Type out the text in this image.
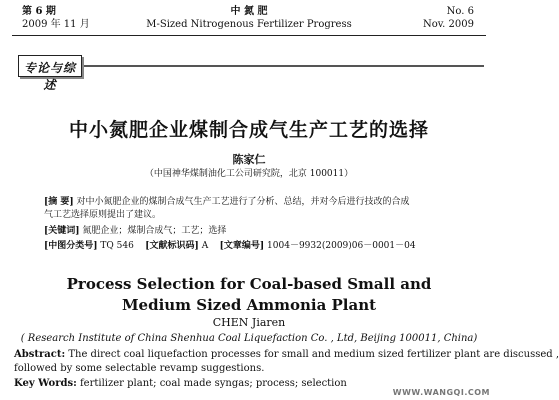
第 6 期
2009 年 11 月
中 氮 肥
M-Sized Nitrogenous Fertilizer Progress
No. 6
Nov. 2009
专论与综述
中小氮肥企业煤制合成气生产工艺的选择
陈家仁
（中国神华煤制油化工公司研究院，北京 100011）
[摘 要] 对中小氮肥企业的煤制合成气生产工艺进行了分析、总结，并对今后进行技改的合成
气工艺选择原则提出了建议。
[关键词] 氮肥企业；煤制合成气；工艺；选择
[中图分类号] TQ 546 [文献标识码] A [文章编号] 1004－9932(2009)06－0001－04
Process Selection for Coal-based Small and
Medium Sized Ammonia Plant
CHEN Jiaren
( Research Institute of China Shenhua Coal Liquefaction Co. , Ltd, Beijing 100011, China)
Abstract: The direct coal liquefaction processes for small and medium sized fertilizer plant are discussed ,
followed by some selectable revamp suggestions.
Key Words: fertilizer plant; coal made syngas; process; selection
WWW.WANGQI.COM
